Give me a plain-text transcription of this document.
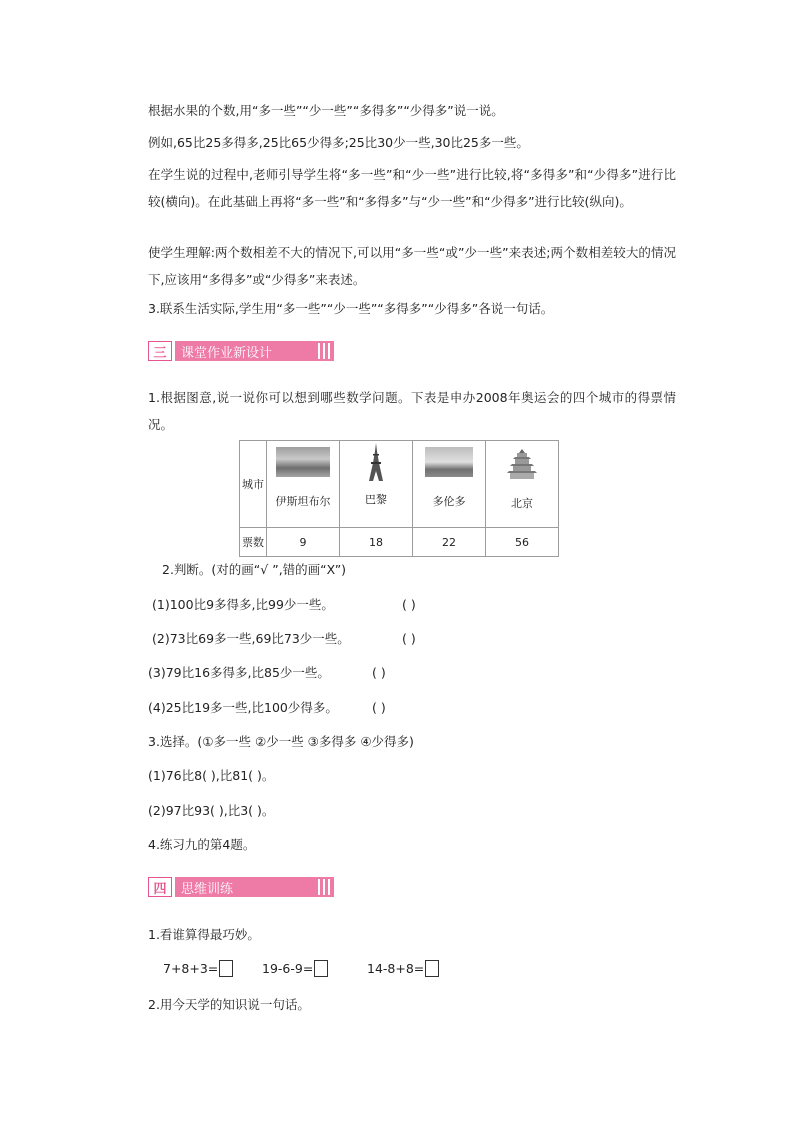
根据水果的个数,用“多一些”“少一些”“多得多”“少得多”说一说。

例如,65比25多得多,25比65少得多;25比30少一些,30比25多一些。

在学生说的过程中,老师引导学生将“多一些”和“少一些”进行比较,将“多得多”和“少得多”进行比较(横向)。在此基础上再将“多一些”和“多得多”与“少一些”和“少得多”进行比较(纵向)。

使学生理解:两个数相差不大的情况下,可以用“多一些“或”少一些”来表述;两个数相差较大的情况下,应该用“多得多”或“少得多”来表述。

3.联系生活实际,学生用“多一些”“少一些”“多得多”“少得多”各说一句话。

三	课堂作业新设计

1.根据图意,说一说你可以想到哪些数学问题。下表是申办2008年奥运会的四个城市的得票情况。

城市	伊斯坦布尔	巴黎	多伦多	北京

票数	9	18	22	56

2.判断。(对的画“√ ”,错的画“X”)

(1)100比9多得多,比99少一些。	( )

(2)73比69多一些,69比73少一些。	( )

(3)79比16多得多,比85少一些。	( )

(4)25比19多一些,比100少得多。	( )

3.选择。(①多一些 ②少一些 ③多得多 ④少得多)

(1)76比8( ),比81( )。

(2)97比93( ),比3( )。

4.练习九的第4题。

四	思维训练

1.看谁算得最巧妙。

7+8+3=	19-6-9=	14-8+8=

2.用今天学的知识说一句话。
